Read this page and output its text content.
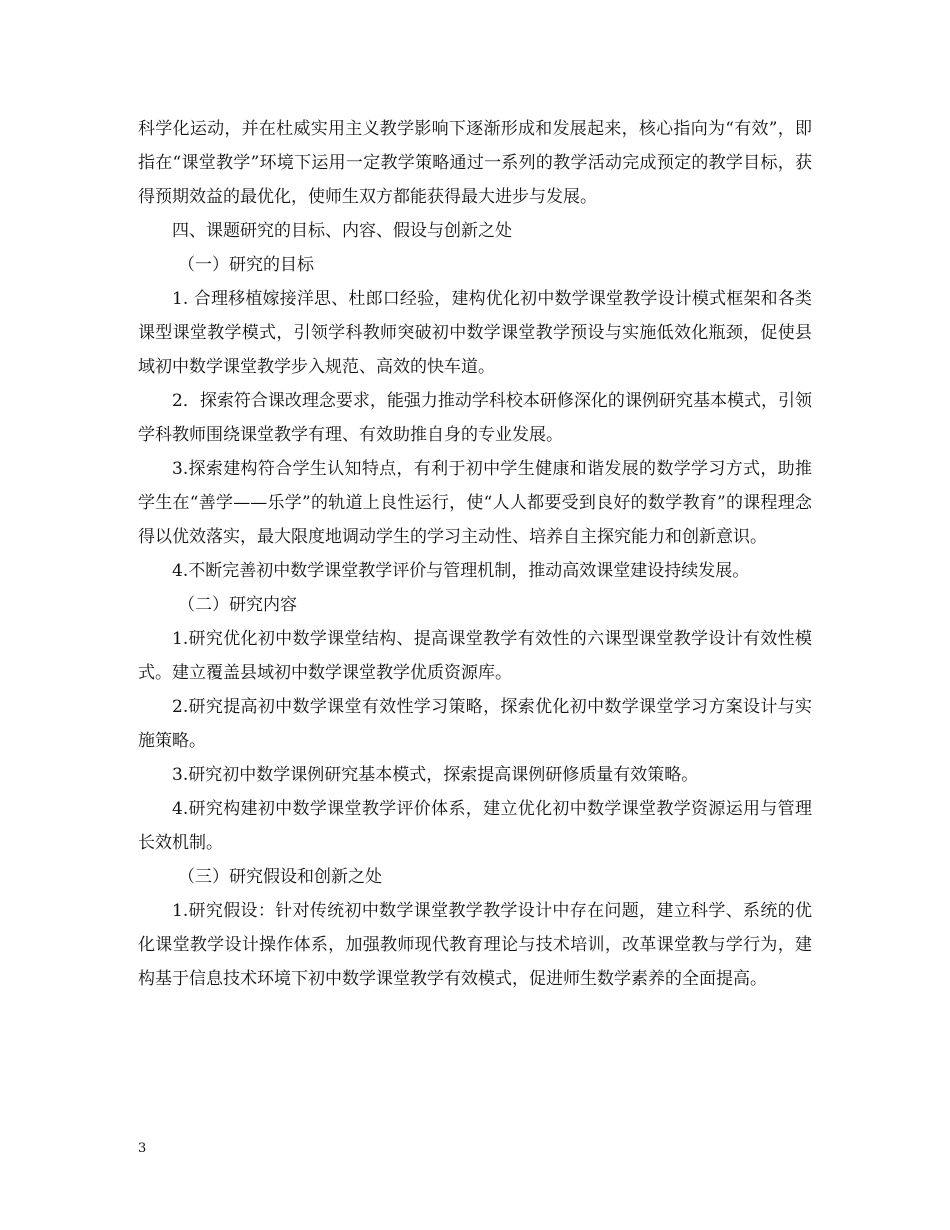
科学化运动，并在杜威实用主义教学影响下逐渐形成和发展起来，核心指向为“有效”，即指在“课堂教学”环境下运用一定教学策略通过一系列的教学活动完成预定的教学目标，获得预期效益的最优化，使师生双方都能获得最大进步与发展。

四、课题研究的目标、内容、假设与创新之处

（一）研究的目标

1. 合理移植嫁接洋思、杜郎口经验，建构优化初中数学课堂教学设计模式框架和各类课型课堂教学模式，引领学科教师突破初中数学课堂教学预设与实施低效化瓶颈，促使县域初中数学课堂教学步入规范、高效的快车道。

2．探索符合课改理念要求，能强力推动学科校本研修深化的课例研究基本模式，引领学科教师围绕课堂教学有理、有效助推自身的专业发展。

3.探索建构符合学生认知特点，有利于初中学生健康和谐发展的数学学习方式，助推学生在“善学——乐学”的轨道上良性运行，使“人人都要受到良好的数学教育”的课程理念得以优效落实，最大限度地调动学生的学习主动性、培养自主探究能力和创新意识。

4.不断完善初中数学课堂教学评价与管理机制，推动高效课堂建设持续发展。

（二）研究内容

1.研究优化初中数学课堂结构、提高课堂教学有效性的六课型课堂教学设计有效性模式。建立覆盖县域初中数学课堂教学优质资源库。

2.研究提高初中数学课堂有效性学习策略，探索优化初中数学课堂学习方案设计与实施策略。

3.研究初中数学课例研究基本模式，探索提高课例研修质量有效策略。

4.研究构建初中数学课堂教学评价体系，建立优化初中数学课堂教学资源运用与管理长效机制。

（三）研究假设和创新之处

1.研究假设：针对传统初中数学课堂教学教学设计中存在问题，建立科学、系统的优化课堂教学设计操作体系，加强教师现代教育理论与技术培训，改革课堂教与学行为，建构基于信息技术环境下初中数学课堂教学有效模式，促进师生数学素养的全面提高。

3
